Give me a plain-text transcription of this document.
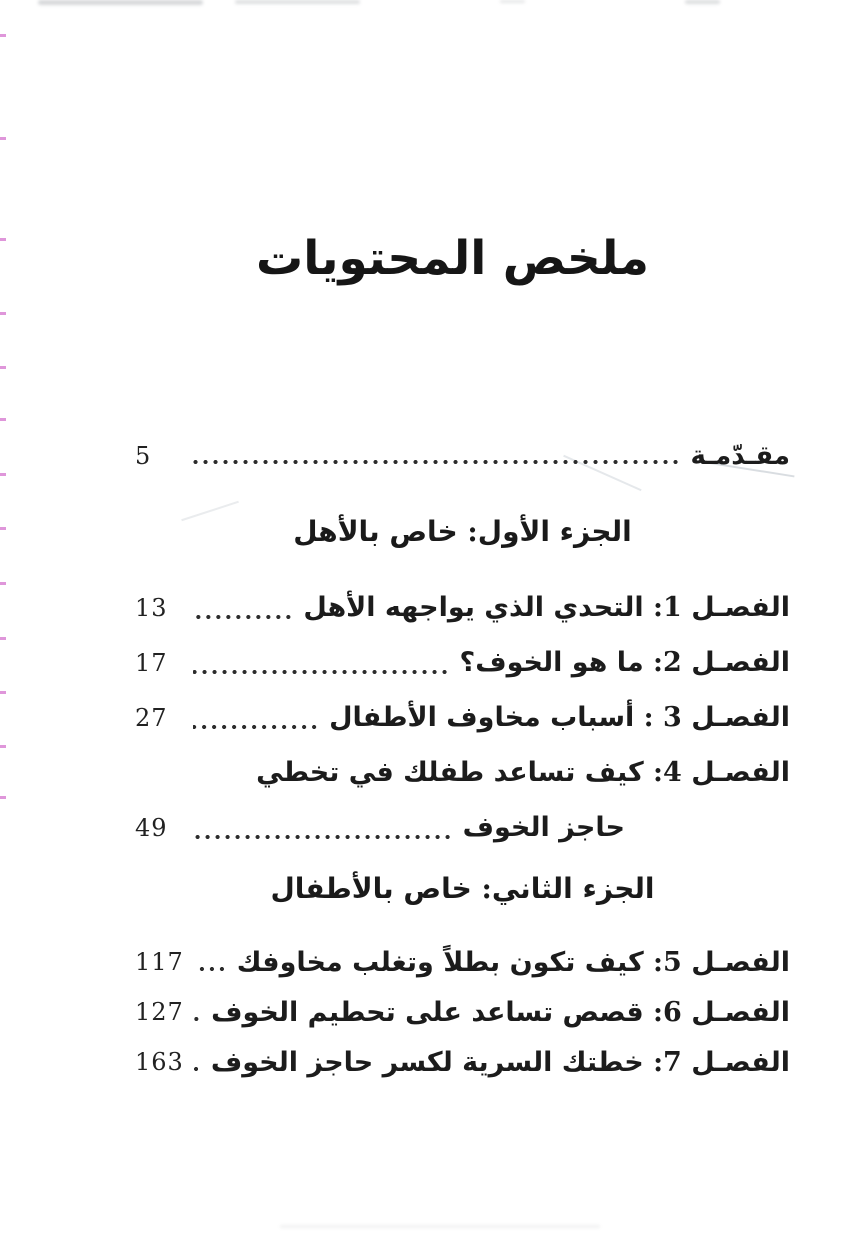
ملخص المحتويات
مقـدّمـة
5
الجزء الأول: خاص بالأهل
الفصـل 1: التحدي الذي يواجهه الأهل
13
الفصـل 2: ما هو الخوف؟
17
الفصـل 3 : أسباب مخاوف الأطفال
27
الفصـل 4: كيف تساعد طفلك في تخطي
حاجز الخوف
49
الجزء الثاني: خاص بالأطفال
الفصـل 5: كيف تكون بطلاً وتغلب مخاوفك
117
الفصـل 6: قصص تساعد على تحطيم الخوف
127
الفصـل 7: خطتك السرية لكسر حاجز الخوف
163
